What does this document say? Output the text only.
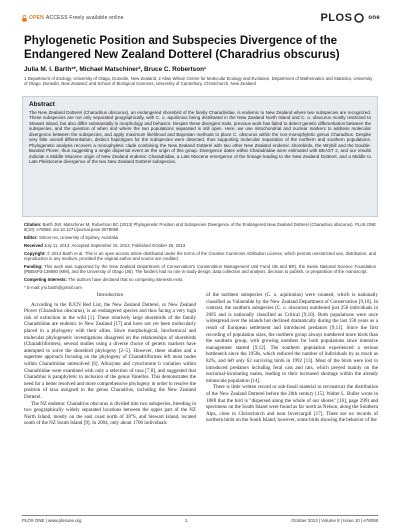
OPEN ACCESS Freely available online	PLOS	one
Phylogenetic Position and Subspecies Divergence of the Endangered New Zealand Dotterel (Charadrius obscurus)
Julia M. I. Barth¹*, Michael Matschiner², Bruce C. Robertson¹
1 Department of Zoology, University of Otago, Dunedin, New Zealand, 2 Allan Wilson Centre for Molecular Ecology and Evolution, Department of Mathematics and Statistics, University of Otago, Dunedin, New Zealand; and School of Biological Sciences, University of Canterbury, Christchurch, New Zealand
Abstract
The New Zealand Dotterel (Charadrius obscurus), an endangered shorebird of the family Charadriidae, is endemic to New Zealand where two subspecies are recognized. These subspecies are not only separated geographically, with C. o. aquilonius being distributed in the New Zealand North Island and C. o. obscurus mostly restricted to Stewart Island, but also differ substantially in morphology and behavior. Despite these divergent traits, previous work has failed to detect genetic differentiation between the subspecies, and the question of when and where the two populations separated is still open. Here, we use mitochondrial and nuclear markers to address molecular divergence between the subspecies, and apply maximum likelihood and Bayesian methods to place C. obscurus within the non-monophyletic genus Charadrius. Despite very little overall differentiation, distinct haplotypes for the subspecies were detected, thus supporting molecular separation of the northern and southern populations. Phylogenetic analysis recovers a monophyletic clade combining the New Zealand Dotterel with two other New Zealand endemic shorebirds, the Wrybill and the Double-Banded Plover, thus suggesting a single dispersal event as the origin of this group. Divergence dates within Charadriidae were estimated with BEAST 2, and our results indicate a Middle Miocene origin of New Zealand endemic Charadriidae, a Late Miocene emergence of the lineage leading to the New Zealand Dotterel, and a Middle to Late Pleistocene divergence of the two New Zealand Dotterel subspecies.

Citation: Barth JMI, Matschiner M, Robertson BC (2013) Phylogenetic Position and Subspecies Divergence of the Endangered New Zealand Dotterel (Charadrius obscurus). PLoS ONE 8(10): e78068. doi:10.1371/journal.pone.0078068

Editor: Simon Ho, University of Sydney, Australia

Received July 11, 2013; Accepted September 15, 2013; Published October 25, 2013

Copyright: © 2013 Barth et al. This is an open-access article distributed under the terms of the Creative Commons Attribution License, which permits unrestricted use, distribution, and reproduction in any medium, provided the original author and source are credited.

Funding: This work was supported by the New Zealand Department of Conservation's Conservation Management Unit Fund UB and BR), the Swiss National Science Foundation (PBBSP3-138680 (MM), and the University of Otago (JB). The funders had no role in study design, data collection and analysis, decision to publish, or preparation of the manuscript.

Competing Interests: The authors have declared that no competing interests exist.

* E-mail: jmi.barth@gmail.com

Introduction

According to the IUCN Red List, the New Zealand Dotterel, or New Zealand Plover (Charadrius obscurus), is an endangered species and thus facing a very high risk of extinction in the wild [1]. These relatively large shorebirds of the family Charadriidae are endemic to New Zealand [17] and have not yet been molecularly placed in a phylogeny with their allies. Since morphological, biochemical and molecular phylogenetic investigations disagreed on the relationships of shorebirds (Charadriiformes), several studies using a diverse choice of genetic markers have attempted to solve the shorebird phylogeny [2–5]. However, these studies and a supertree approach focusing on the phylogeny of Charadriiformes left most nodes within Charadriidae unresolved [6]. Allozyme and cytochrome b variation within Charadriidae were examined with only a selection of taxa [7,8], and suggested that Charadrius is paraphyletic in inclusion of the genus Vanellus. This demonstrates the need for a better resolved and more comprehensive phylogeny in order to resolve the position of taxa assigned to the genus Charadrius, including the New Zealand Dotterel.

The NZ endemic Charadrius obscurus is divided into two subspecies, breeding in two geographically widely separated locations between the upper part of the NZ North Island, mostly on the east coast north of 38°S, and Stewart Island, located south of the NZ South Island [9]. In 2004, only about 1700 individuals

of the northern subspecies (C. o. aquilonius) were counted, which is nationally classified as Vulnerable by the New Zealand Department of Conservation [9,10]. In contrast, the southern subspecies (C. o. obscurus) numbered just 250 individuals in 2005 and is nationally classified as Critical [9,10]. Both populations were once widespread over the islands but declined dramatically during the last 150 years as a result of European settlement and introduced predators [9,11]. Since the first recording of population sizes, the northern group always numbered more birds than the southern group, with growing numbers for both populations since intensive management started [9,12]. The southern population experienced a serious bottleneck since the 1950s, which reduced the number of individuals by as much as 82%, and left only 62 surviving birds in 1992 [13]. Most of the birds were lost to introduced predators including feral cats and rats, which preyed mainly on the nocturnal-incubating males, leading to their increased shortage within the already minuscule population [14].

There is little written record or sub-fossil material to reconstruct the distribution of the New Zealand Dotterel before the 20th century [15]. Walter L. Buller wrote in 1888 that the bird is "dispersed along the whole of our shores" [16], page 299) and specimens on the South Island were found as far north as Nelson, along the Southern Alps, close to Christchurch and near Invercargill [17]. There are no records of northern birds on the South Island; however, some birds showing the behavior of the

PLOS ONE | www.plosone.org	1	October 2013 | Volume 8 | Issue 10 | e78068
